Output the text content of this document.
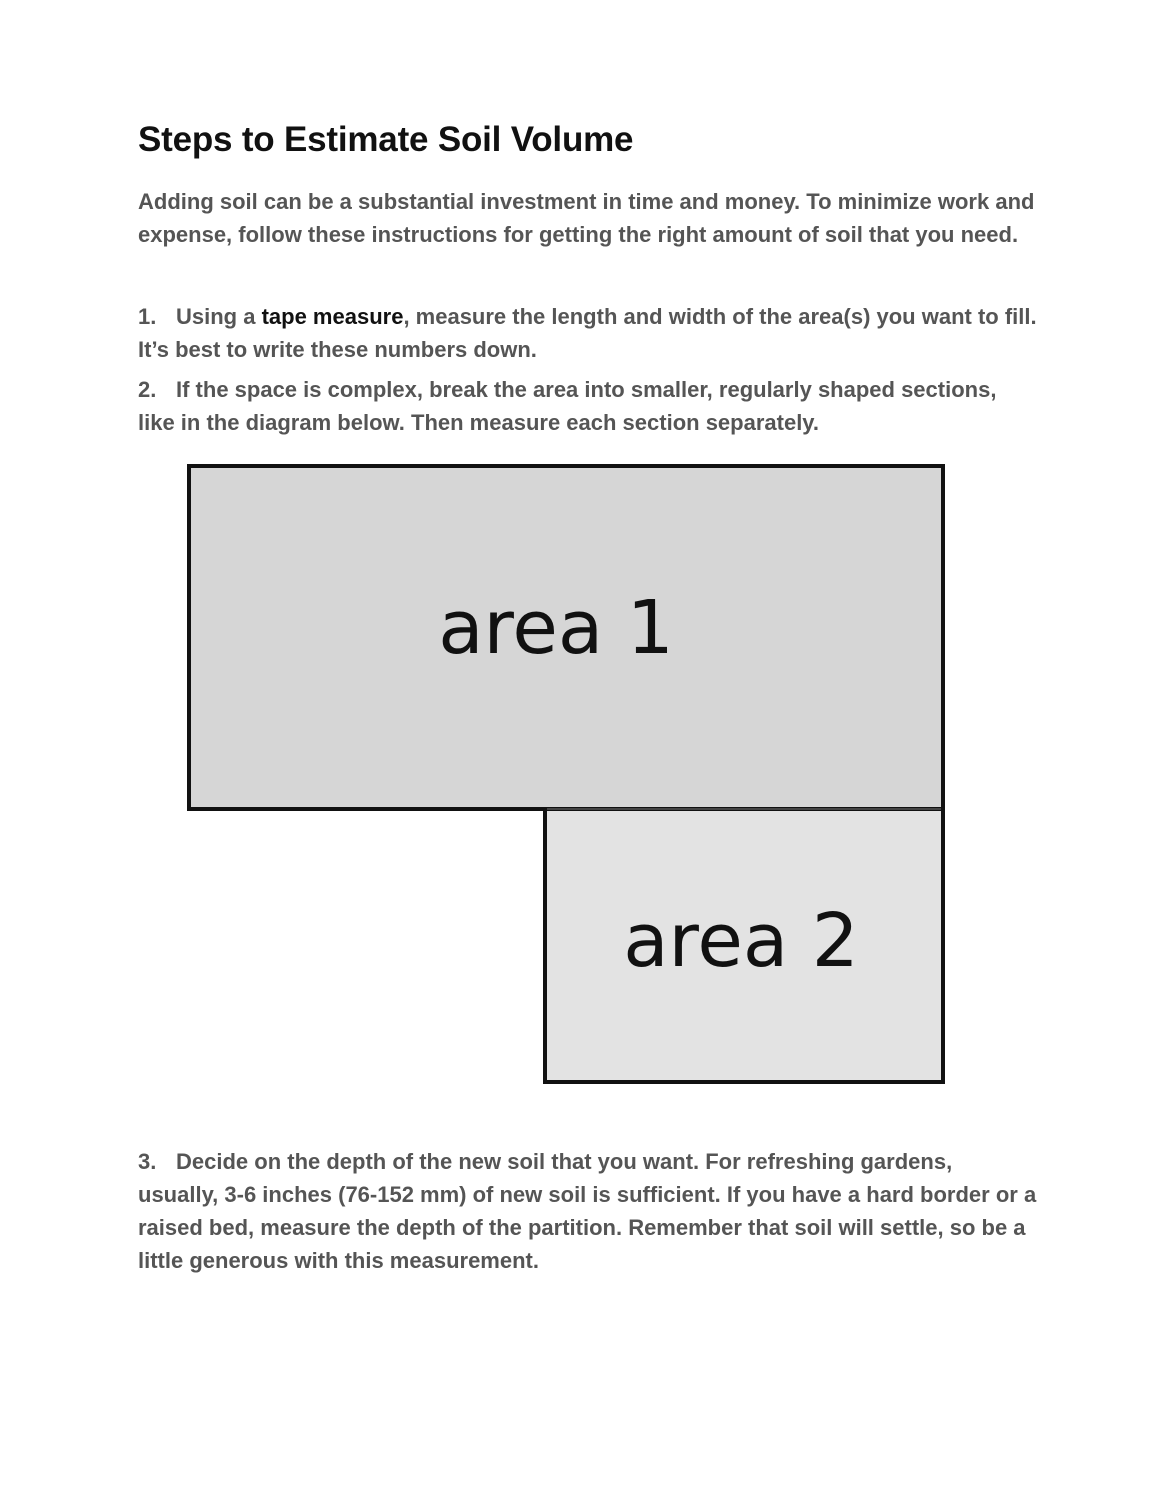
Steps to Estimate Soil Volume

Adding soil can be a substantial investment in time and money. To minimize work and expense, follow these instructions for getting the right amount of soil that you need.

1. Using a tape measure, measure the length and width of the area(s) you want to fill. It’s best to write these numbers down.

2. If the space is complex, break the area into smaller, regularly shaped sections, like in the diagram below. Then measure each section separately.

area 1
area 2

3. Decide on the depth of the new soil that you want. For refreshing gardens, usually, 3-6 inches (76-152 mm) of new soil is sufficient. If you have a hard border or a raised bed, measure the depth of the partition. Remember that soil will settle, so be a little generous with this measurement.
